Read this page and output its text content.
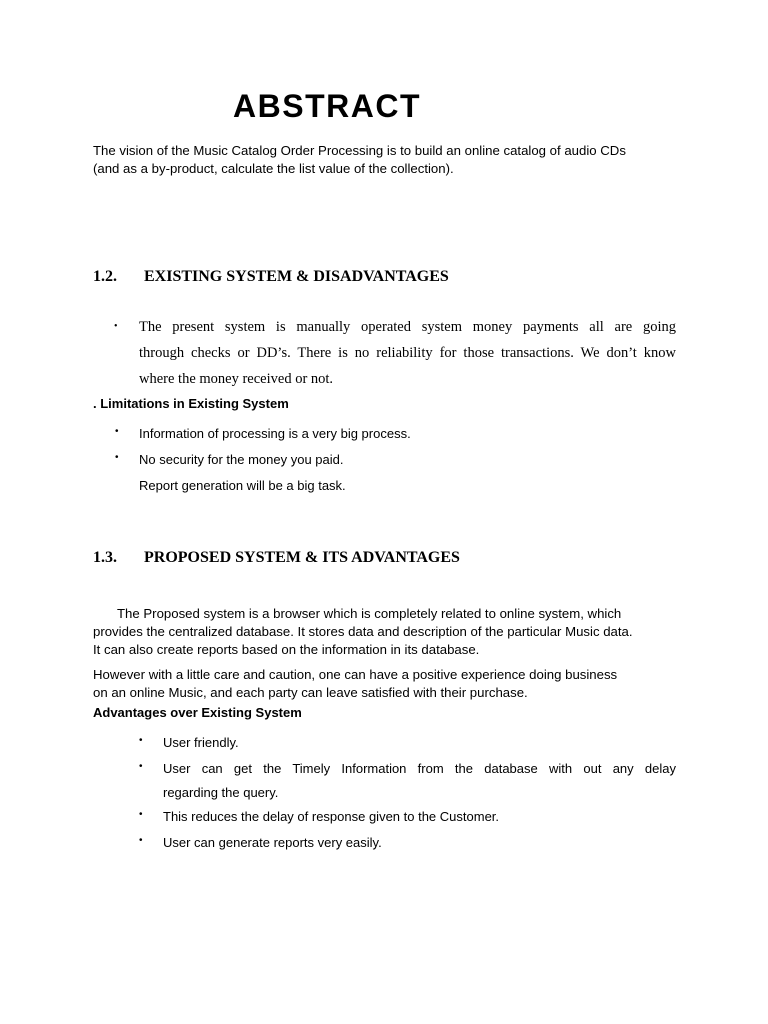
ABSTRACT
The vision of the Music Catalog Order Processing is to build an online catalog of audio CDs
(and as a by-product, calculate the list value of the collection).
1.2. EXISTING SYSTEM & DISADVANTAGES
• The present system is manually operated system money payments all are going
through checks or DD’s. There is no reliability for those transactions. We don’t know
where the money received or not.
. Limitations in Existing System
• Information of processing is a very big process.
• No security for the money you paid.
Report generation will be a big task.
1.3. PROPOSED SYSTEM & ITS ADVANTAGES
The Proposed system is a browser which is completely related to online system, which
provides the centralized database. It stores data and description of the particular Music data.
It can also create reports based on the information in its database.
However with a little care and caution, one can have a positive experience doing business
on an online Music, and each party can leave satisfied with their purchase.
Advantages over Existing System
• User friendly.
• User can get the Timely Information from the database with out any delay
regarding the query.
• This reduces the delay of response given to the Customer.
• User can generate reports very easily.
